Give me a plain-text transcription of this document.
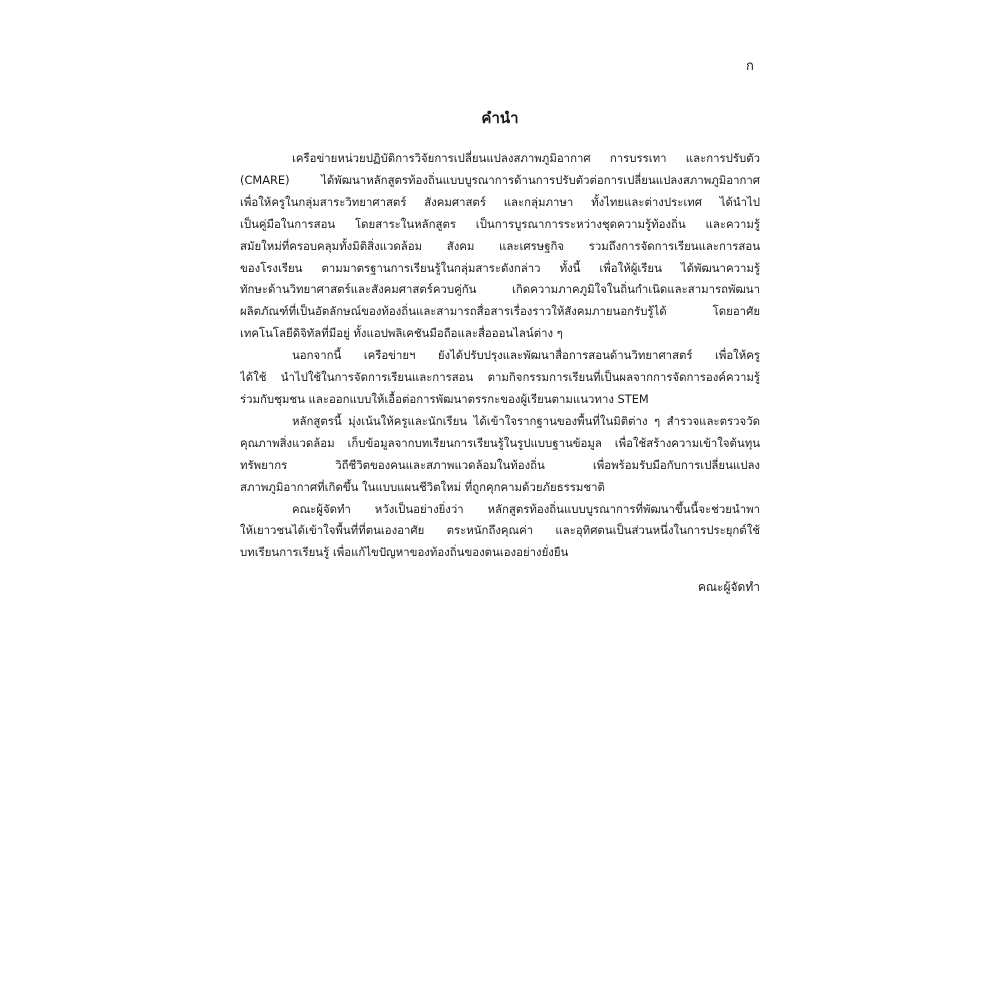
ก
คำนำ
เครือข่ายหน่วยปฏิบัติการวิจัยการเปลี่ยนแปลงสภาพภูมิอากาศ การบรรเทา และการปรับตัว
(CMARE) ได้พัฒนาหลักสูตรท้องถิ่นแบบบูรณาการด้านการปรับตัวต่อการเปลี่ยนแปลงสภาพภูมิอากาศ
เพื่อให้ครูในกลุ่มสาระวิทยาศาสตร์ สังคมศาสตร์ และกลุ่มภาษา ทั้งไทยและต่างประเทศ ได้นำไป
เป็นคู่มือในการสอน โดยสาระในหลักสูตร เป็นการบูรณาการระหว่างชุดความรู้ท้องถิ่น และความรู้
สมัยใหม่ที่ครอบคลุมทั้งมิติสิ่งแวดล้อม สังคม และเศรษฐกิจ รวมถึงการจัดการเรียนและการสอน
ของโรงเรียน ตามมาตรฐานการเรียนรู้ในกลุ่มสาระดังกล่าว ทั้งนี้ เพื่อให้ผู้เรียน ได้พัฒนาความรู้
ทักษะด้านวิทยาศาสตร์และสังคมศาสตร์ควบคู่กัน เกิดความภาคภูมิใจในถิ่นกำเนิดและสามารถพัฒนา
ผลิตภัณฑ์ที่เป็นอัตลักษณ์ของท้องถิ่นและสามารถสื่อสารเรื่องราวให้สังคมภายนอกรับรู้ได้ โดยอาศัย
เทคโนโลยีดิจิทัลที่มีอยู่ ทั้งแอปพลิเคชันมือถือและสื่อออนไลน์ต่าง ๆ
นอกจากนี้ เครือข่ายฯ ยังได้ปรับปรุงและพัฒนาสื่อการสอนด้านวิทยาศาสตร์ เพื่อให้ครู
ได้ใช้ นำไปใช้ในการจัดการเรียนและการสอน ตามกิจกรรมการเรียนที่เป็นผลจากการจัดการองค์ความรู้
ร่วมกับชุมชน และออกแบบให้เอื้อต่อการพัฒนาตรรกะของผู้เรียนตามแนวทาง STEM
หลักสูตรนี้ มุ่งเน้นให้ครูและนักเรียน ได้เข้าใจรากฐานของพื้นที่ในมิติต่าง ๆ สำรวจและตรวจวัด
คุณภาพสิ่งแวดล้อม เก็บข้อมูลจากบทเรียนการเรียนรู้ในรูปแบบฐานข้อมูล เพื่อใช้สร้างความเข้าใจต้นทุน
ทรัพยากร วิถีชีวิตของคนและสภาพแวดล้อมในท้องถิ่น เพื่อพร้อมรับมือกับการเปลี่ยนแปลง
สภาพภูมิอากาศที่เกิดขึ้น ในแบบแผนชีวิตใหม่ ที่ถูกคุกคามด้วยภัยธรรมชาติ
คณะผู้จัดทำ หวังเป็นอย่างยิ่งว่า หลักสูตรท้องถิ่นแบบบูรณาการที่พัฒนาขึ้นนี้จะช่วยนำพา
ให้เยาวชนได้เข้าใจพื้นที่ที่ตนเองอาศัย ตระหนักถึงคุณค่า และอุทิศตนเป็นส่วนหนึ่งในการประยุกต์ใช้
บทเรียนการเรียนรู้ เพื่อแก้ไขปัญหาของท้องถิ่นของตนเองอย่างยั่งยืน
คณะผู้จัดทำ
